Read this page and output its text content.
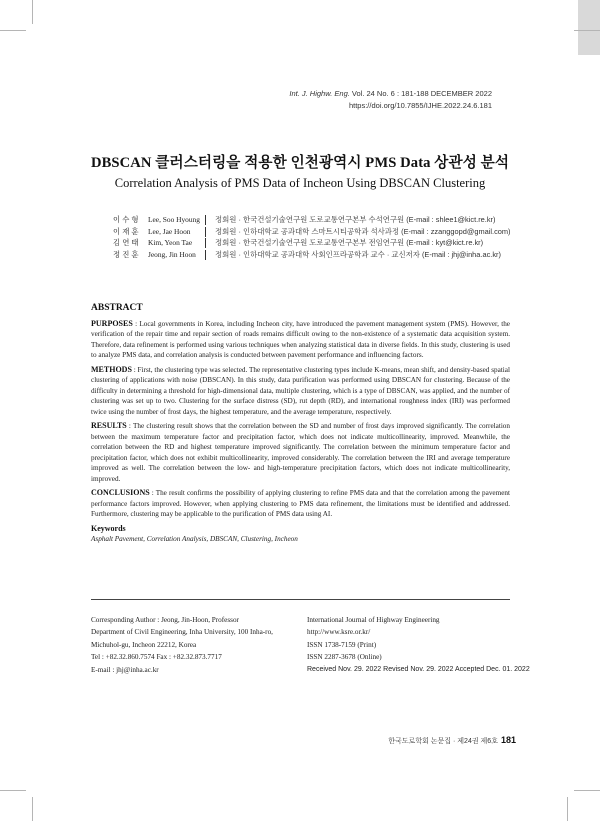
Int. J. Highw. Eng. Vol. 24 No. 6 : 181-188 DECEMBER 2022
https://doi.org/10.7855/IJHE.2022.24.6.181
DBSCAN 클러스터링을 적용한 인천광역시 PMS Data 상관성 분석
Correlation Analysis of PMS Data of Incheon Using DBSCAN Clustering
이 수 형	Lee, Soo Hyoung	정회원 · 한국건설기술연구원 도로교통연구본부 수석연구원 (E-mail : shlee1@kict.re.kr)
이 재 훈	Lee, Jae Hoon	정회원 · 인하대학교 공과대학 스마트시티공학과 석사과정 (E-mail : zzanggopd@gmail.com)
김 연 태	Kim, Yeon Tae	정회원 · 한국건설기술연구원 도로교통연구본부 전임연구원 (E-mail : kyt@kict.re.kr)
정 진 훈	Jeong, Jin Hoon	정회원 · 인하대학교 공과대학 사회인프라공학과 교수 · 교신저자 (E-mail : jhj@inha.ac.kr)
ABSTRACT

PURPOSES : Local governments in Korea, including Incheon city, have introduced the pavement management system (PMS). However, the verification of the repair time and repair section of roads remains difficult owing to the non-existence of a systematic data acquisition system. Therefore, data refinement is performed using various techniques when analyzing statistical data in diverse fields. In this study, clustering is used to analyze PMS data, and correlation analysis is conducted between pavement performance and influencing factors.

METHODS : First, the clustering type was selected. The representative clustering types include K-means, mean shift, and density-based spatial clustering of applications with noise (DBSCAN). In this study, data purification was performed using DBSCAN for clustering. Because of the difficulty in determining a threshold for high-dimensional data, multiple clustering, which is a type of DBSCAN, was applied, and the number of clustering was set up to two. Clustering for the surface distress (SD), rut depth (RD), and international roughness index (IRI) was performed twice using the number of frost days, the highest temperature, and the average temperature, respectively.

RESULTS : The clustering result shows that the correlation between the SD and number of frost days improved significantly. The correlation between the maximum temperature factor and precipitation factor, which does not indicate multicollinearity, improved. Meanwhile, the correlation between the RD and highest temperature improved significantly. The correlation between the minimum temperature factor and precipitation factor, which does not exhibit multicollinearity, improved considerably. The correlation between the IRI and average temperature improved as well. The correlation between the low- and high-temperature precipitation factors, which does not indicate multicollinearity, improved.

CONCLUSIONS : The result confirms the possibility of applying clustering to refine PMS data and that the correlation among the pavement performance factors improved. However, when applying clustering to PMS data refinement, the limitations must be identified and addressed. Furthermore, clustering may be applicable to the purification of PMS data using AI.

Keywords
Asphalt Pavement, Correlation Analysis, DBSCAN, Clustering, Incheon
Corresponding Author : Jeong, Jin-Hoon, Professor
Department of Civil Engineering, Inha University, 100 Inha-ro,
Michuhol-gu, Incheon 22212, Korea
Tel : +82.32.860.7574 Fax : +82.32.873.7717
E-mail : jhj@inha.ac.kr
International Journal of Highway Engineering
http://www.ksre.or.kr/
ISSN 1738-7159 (Print)
ISSN 2287-3678 (Online)
Received Nov. 29. 2022 Revised Nov. 29. 2022 Accepted Dec. 01. 2022
한국도로학회 논문집 · 제24권 제6호 181
